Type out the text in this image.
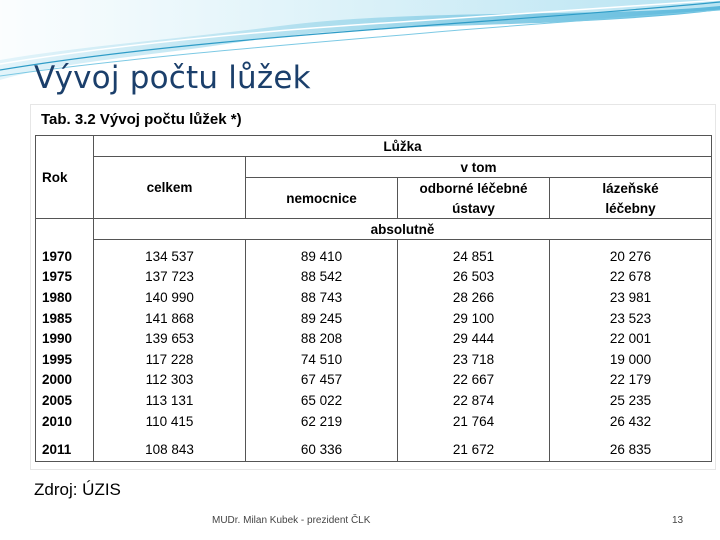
Vývoj počtu lůžek
Tab. 3.2 Vývoj počtu lůžek *)
Rok	Lůžka			
	celkem	v tom		
		nemocnice	odborné léčebné	lázeňské
			ústavy	léčebny
	absolutně			

1970	134 537	89 410	24 851	20 276
1975	137 723	88 542	26 503	22 678
1980	140 990	88 743	28 266	23 981
1985	141 868	89 245	29 100	23 523
1990	139 653	88 208	29 444	22 001
1995	117 228	74 510	23 718	19 000
2000	112 303	67 457	22 667	22 179
2005	113 131	65 022	22 874	25 235
2010	110 415	62 219	21 764	26 432

2011	108 843	60 336	21 672	26 835
Zdroj: ÚZIS
MUDr. Milan Kubek - prezident ČLK	13
